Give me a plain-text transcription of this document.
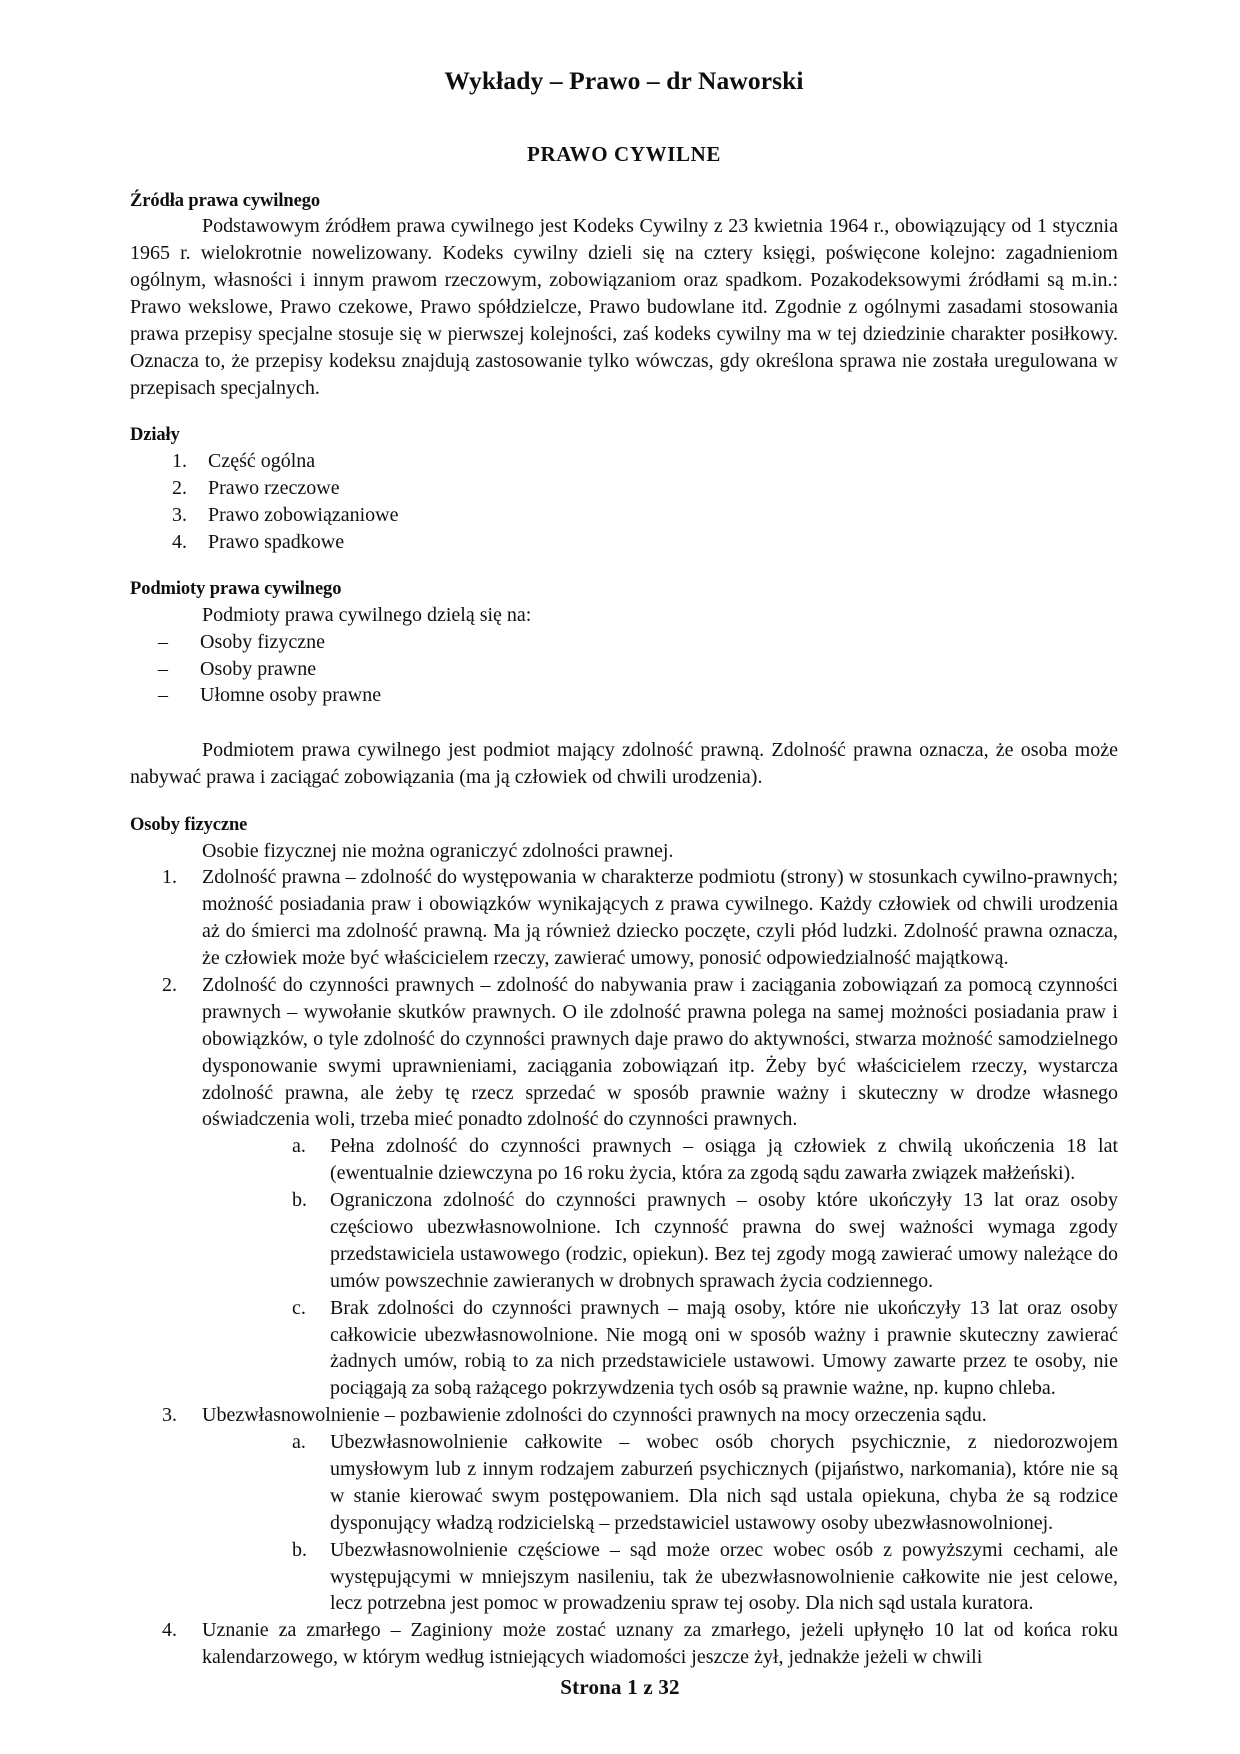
Wykłady – Prawo – dr Naworski
PRAWO CYWILNE
Źródła prawa cywilnego

Podstawowym źródłem prawa cywilnego jest Kodeks Cywilny z 23 kwietnia 1964 r., obowiązujący od 1 stycznia 1965 r. wielokrotnie nowelizowany. Kodeks cywilny dzieli się na cztery księgi, poświęcone kolejno: zagadnieniom ogólnym, własności i innym prawom rzeczowym, zobowiązaniom oraz spadkom. Pozakodeksowymi źródłami są m.in.: Prawo wekslowe, Prawo czekowe, Prawo spółdzielcze, Prawo budowlane itd. Zgodnie z ogólnymi zasadami stosowania prawa przepisy specjalne stosuje się w pierwszej kolejności, zaś kodeks cywilny ma w tej dziedzinie charakter posiłkowy. Oznacza to, że przepisy kodeksu znajdują zastosowanie tylko wówczas, gdy określona sprawa nie została uregulowana w przepisach specjalnych.

Działy
1.	Część ogólna
2.	Prawo rzeczowe
3.	Prawo zobowiązaniowe
4.	Prawo spadkowe
Podmioty prawa cywilnego

Podmioty prawa cywilnego dzielą się na:

– Osoby fizyczne
– Osoby prawne
– Ułomne osoby prawne

Podmiotem prawa cywilnego jest podmiot mający zdolność prawną. Zdolność prawna oznacza, że osoba może nabywać prawa i zaciągać zobowiązania (ma ją człowiek od chwili urodzenia).

Osoby fizyczne

Osobie fizycznej nie można ograniczyć zdolności prawnej.

1.	Zdolność prawna – zdolność do występowania w charakterze podmiotu (strony) w stosunkach cywilno-prawnych; możność posiadania praw i obowiązków wynikających z prawa cywilnego. Każdy człowiek od chwili urodzenia aż do śmierci ma zdolność prawną. Ma ją również dziecko poczęte, czyli płód ludzki. Zdolność prawna oznacza, że człowiek może być właścicielem rzeczy, zawierać umowy, ponosić odpowiedzialność majątkową.
2.	Zdolność do czynności prawnych – zdolność do nabywania praw i zaciągania zobowiązań za pomocą czynności prawnych – wywołanie skutków prawnych. O ile zdolność prawna polega na samej możności posiadania praw i obowiązków, o tyle zdolność do czynności prawnych daje prawo do aktywności, stwarza możność samodzielnego dysponowanie swymi uprawnieniami, zaciągania zobowiązań itp. Żeby być właścicielem rzeczy, wystarcza zdolność prawna, ale żeby tę rzecz sprzedać w sposób prawnie ważny i skuteczny w drodze własnego oświadczenia woli, trzeba mieć ponadto zdolność do czynności prawnych.
a.	Pełna zdolność do czynności prawnych – osiąga ją człowiek z chwilą ukończenia 18 lat (ewentualnie dziewczyna po 16 roku życia, która za zgodą sądu zawarła związek małżeński).
b.	Ograniczona zdolność do czynności prawnych – osoby które ukończyły 13 lat oraz osoby częściowo ubezwłasnowolnione. Ich czynność prawna do swej ważności wymaga zgody przedstawiciela ustawowego (rodzic, opiekun). Bez tej zgody mogą zawierać umowy należące do umów powszechnie zawieranych w drobnych sprawach życia codziennego.
c.	Brak zdolności do czynności prawnych – mają osoby, które nie ukończyły 13 lat oraz osoby całkowicie ubezwłasnowolnione. Nie mogą oni w sposób ważny i prawnie skuteczny zawierać żadnych umów, robią to za nich przedstawiciele ustawowi. Umowy zawarte przez te osoby, nie pociągają za sobą rażącego pokrzywdzenia tych osób są prawnie ważne, np. kupno chleba.
3.	Ubezwłasnowolnienie – pozbawienie zdolności do czynności prawnych na mocy orzeczenia sądu.
a.	Ubezwłasnowolnienie całkowite – wobec osób chorych psychicznie, z niedorozwojem umysłowym lub z innym rodzajem zaburzeń psychicznych (pijaństwo, narkomania), które nie są w stanie kierować swym postępowaniem. Dla nich sąd ustala opiekuna, chyba że są rodzice dysponujący władzą rodzicielską – przedstawiciel ustawowy osoby ubezwłasnowolnionej.
b.	Ubezwłasnowolnienie częściowe – sąd może orzec wobec osób z powyższymi cechami, ale występującymi w mniejszym nasileniu, tak że ubezwłasnowolnienie całkowite nie jest celowe, lecz potrzebna jest pomoc w prowadzeniu spraw tej osoby. Dla nich sąd ustala kuratora.
4.	Uznanie za zmarłego – Zaginiony może zostać uznany za zmarłego, jeżeli upłynęło 10 lat od końca roku kalendarzowego, w którym według istniejących wiadomości jeszcze żył, jednakże jeżeli w chwili
Strona 1 z 32
